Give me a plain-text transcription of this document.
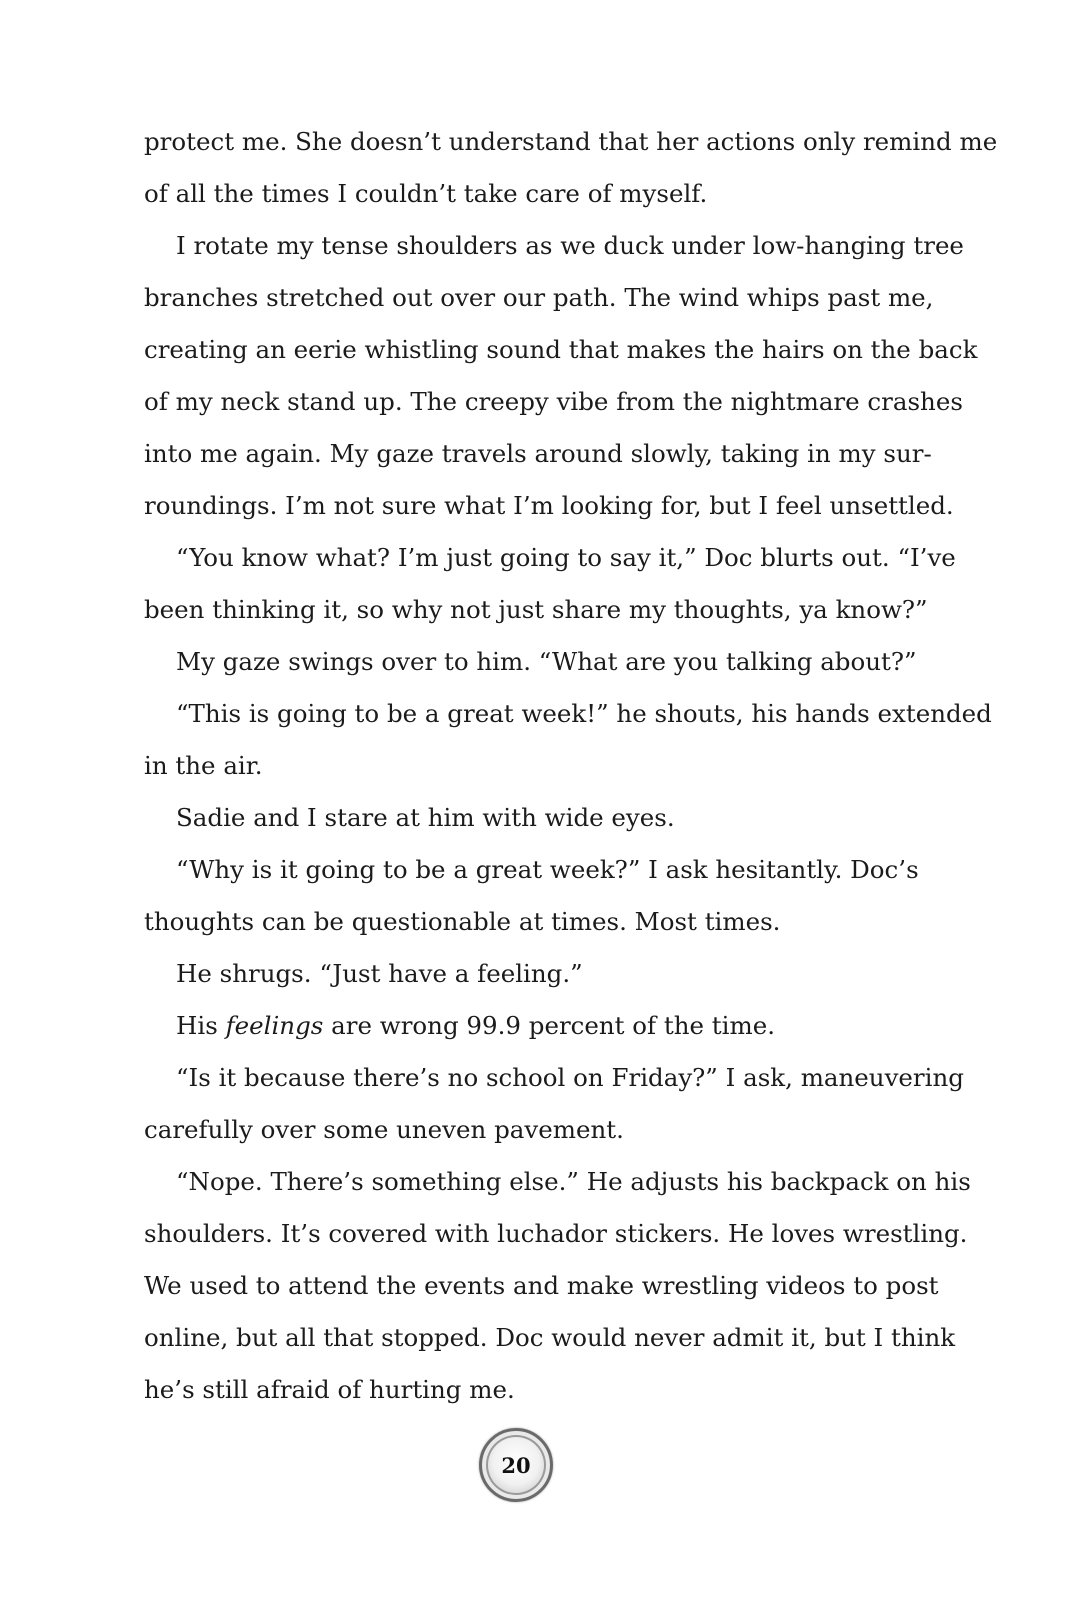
protect me. She doesn’t understand that her actions only remind me
of all the times I couldn’t take care of myself.
I rotate my tense shoulders as we duck under low-hanging tree
branches stretched out over our path. The wind whips past me,
creating an eerie whistling sound that makes the hairs on the back
of my neck stand up. The creepy vibe from the nightmare crashes
into me again. My gaze travels around slowly, taking in my sur-
roundings. I’m not sure what I’m looking for, but I feel unsettled.
“You know what? I’m just going to say it,” Doc blurts out. “I’ve
been thinking it, so why not just share my thoughts, ya know?”
My gaze swings over to him. “What are you talking about?”
“This is going to be a great week!” he shouts, his hands extended
in the air.
Sadie and I stare at him with wide eyes.
“Why is it going to be a great week?” I ask hesitantly. Doc’s
thoughts can be questionable at times. Most times.
He shrugs. “Just have a feeling.”
His feelings are wrong 99.9 percent of the time.
“Is it because there’s no school on Friday?” I ask, maneuvering
carefully over some uneven pavement.
“Nope. There’s something else.” He adjusts his backpack on his
shoulders. It’s covered with luchador stickers. He loves wrestling.
We used to attend the events and make wrestling videos to post
online, but all that stopped. Doc would never admit it, but I think
he’s still afraid of hurting me.
20
